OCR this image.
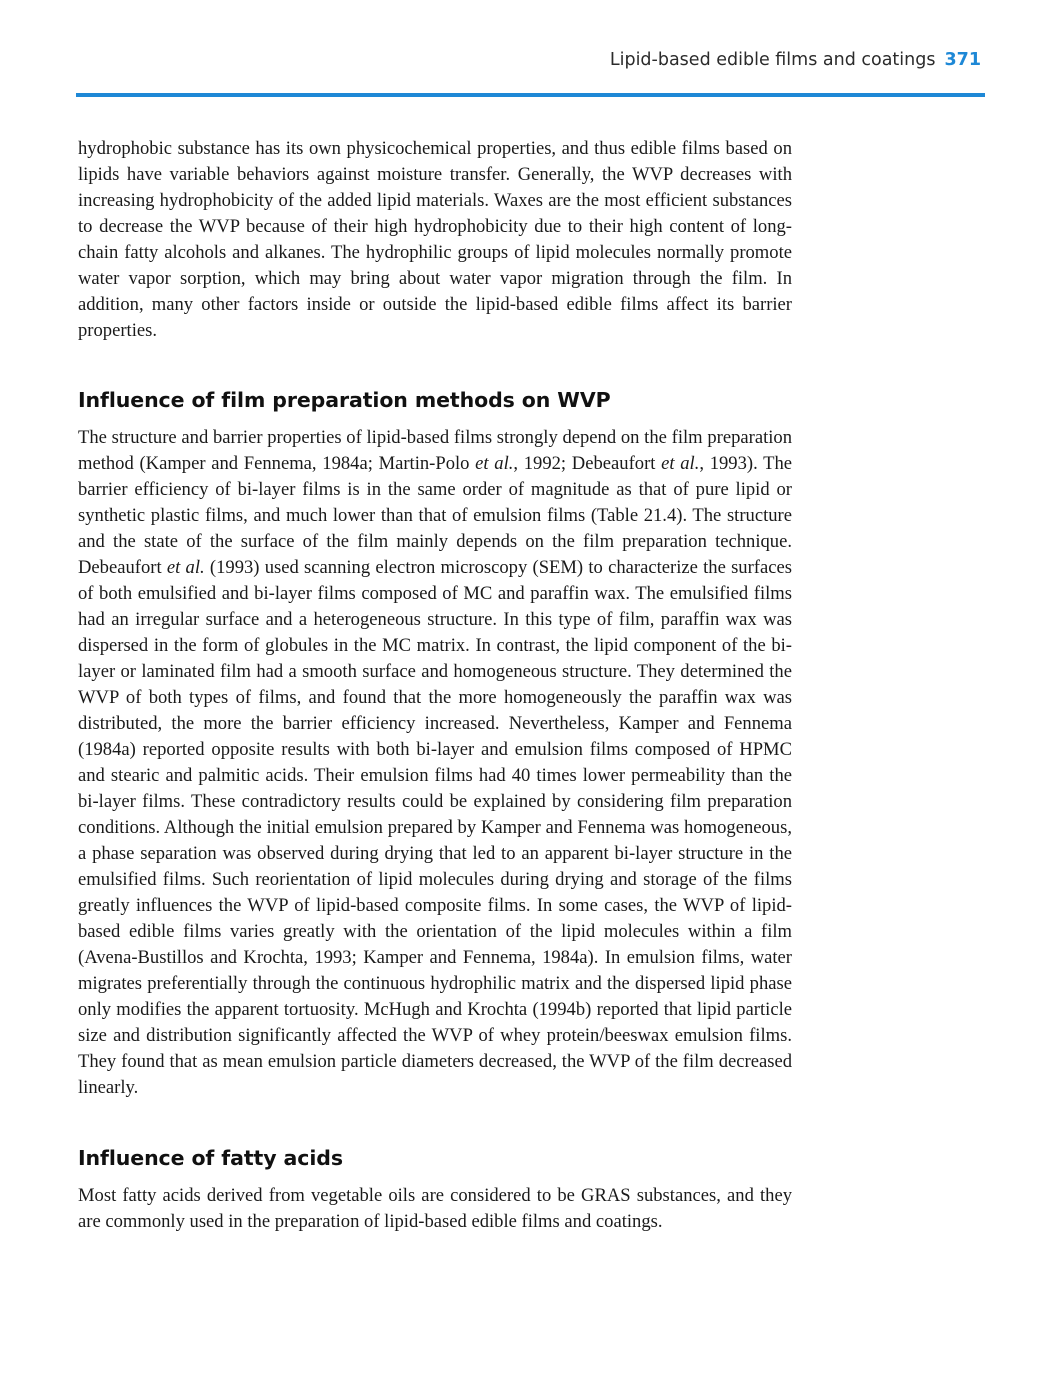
Lipid-based edible films and coatings 371

hydrophobic substance has its own physicochemical properties, and thus edible films based on lipids have variable behaviors against moisture transfer. Generally, the WVP decreases with increasing hydrophobicity of the added lipid materials. Waxes are the most efficient substances to decrease the WVP because of their high hydrophobicity due to their high content of long-chain fatty alcohols and alkanes. The hydrophilic groups of lipid molecules normally promote water vapor sorption, which may bring about water vapor migration through the film. In addition, many other factors inside or outside the lipid-based edible films affect its barrier properties.

Influence of film preparation methods on WVP

The structure and barrier properties of lipid-based films strongly depend on the film preparation method (Kamper and Fennema, 1984a; Martin-Polo et al., 1992; Debeaufort et al., 1993). The barrier efficiency of bi-layer films is in the same order of magnitude as that of pure lipid or synthetic plastic films, and much lower than that of emulsion films (Table 21.4). The structure and the state of the surface of the film mainly depends on the film preparation technique. Debeaufort et al. (1993) used scanning electron microscopy (SEM) to characterize the surfaces of both emulsified and bi-layer films composed of MC and paraffin wax. The emulsified films had an irregular surface and a heterogeneous structure. In this type of film, paraffin wax was dispersed in the form of globules in the MC matrix. In contrast, the lipid component of the bi-layer or laminated film had a smooth surface and homogeneous structure. They determined the WVP of both types of films, and found that the more homogeneously the paraffin wax was distributed, the more the barrier efficiency increased. Nevertheless, Kamper and Fennema (1984a) reported opposite results with both bi-layer and emulsion films composed of HPMC and stearic and palmitic acids. Their emulsion films had 40 times lower permeability than the bi-layer films. These contradictory results could be explained by considering film preparation conditions. Although the initial emulsion prepared by Kamper and Fennema was homogeneous, a phase separation was observed during drying that led to an apparent bi-layer structure in the emulsified films. Such reorientation of lipid molecules during drying and storage of the films greatly influences the WVP of lipid-based composite films. In some cases, the WVP of lipid-based edible films varies greatly with the orientation of the lipid molecules within a film (Avena-Bustillos and Krochta, 1993; Kamper and Fennema, 1984a). In emulsion films, water migrates preferentially through the continuous hydrophilic matrix and the dispersed lipid phase only modifies the apparent tortuosity. McHugh and Krochta (1994b) reported that lipid particle size and distribution significantly affected the WVP of whey protein/beeswax emulsion films. They found that as mean emulsion particle diameters decreased, the WVP of the film decreased linearly.

Influence of fatty acids

Most fatty acids derived from vegetable oils are considered to be GRAS substances, and they are commonly used in the preparation of lipid-based edible films and coatings.
